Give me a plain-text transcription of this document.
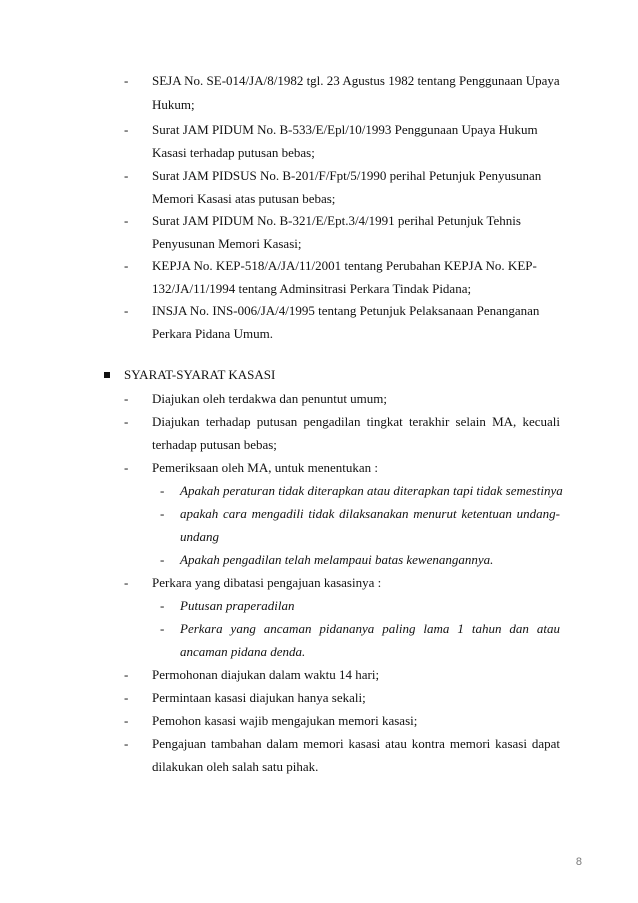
- SEJA No. SE-014/JA/8/1982 tgl. 23 Agustus 1982 tentang Penggunaan Upaya
Hukum;
- Surat JAM PIDUM No. B-533/E/Epl/10/1993 Penggunaan Upaya Hukum
Kasasi terhadap putusan bebas;
- Surat JAM PIDSUS No. B-201/F/Fpt/5/1990 perihal Petunjuk Penyusunan
Memori Kasasi atas putusan bebas;
- Surat JAM PIDUM No. B-321/E/Ept.3/4/1991 perihal Petunjuk Tehnis
Penyusunan Memori Kasasi;
- KEPJA No. KEP-518/A/JA/11/2001 tentang Perubahan KEPJA No. KEP-
132/JA/11/1994 tentang Adminsitrasi Perkara Tindak Pidana;
- INSJA No. INS-006/JA/4/1995 tentang Petunjuk Pelaksanaan Penanganan
Perkara Pidana Umum.
SYARAT-SYARAT KASASI
- Diajukan oleh terdakwa dan penuntut umum;
- Diajukan terhadap putusan pengadilan tingkat terakhir selain MA, kecuali
terhadap putusan bebas;
- Pemeriksaan oleh MA, untuk menentukan :
- Apakah peraturan tidak diterapkan atau diterapkan tapi tidak semestinya
- apakah cara mengadili tidak dilaksanakan menurut ketentuan undang-
undang
- Apakah pengadilan telah melampaui batas kewenangannya.
- Perkara yang dibatasi pengajuan kasasinya :
- Putusan praperadilan
- Perkara yang ancaman pidananya paling lama 1 tahun dan atau
ancaman pidana denda.
- Permohonan diajukan dalam waktu 14 hari;
- Permintaan kasasi diajukan hanya sekali;
- Pemohon kasasi wajib mengajukan memori kasasi;
- Pengajuan tambahan dalam memori kasasi atau kontra memori kasasi dapat
dilakukan oleh salah satu pihak.
8
